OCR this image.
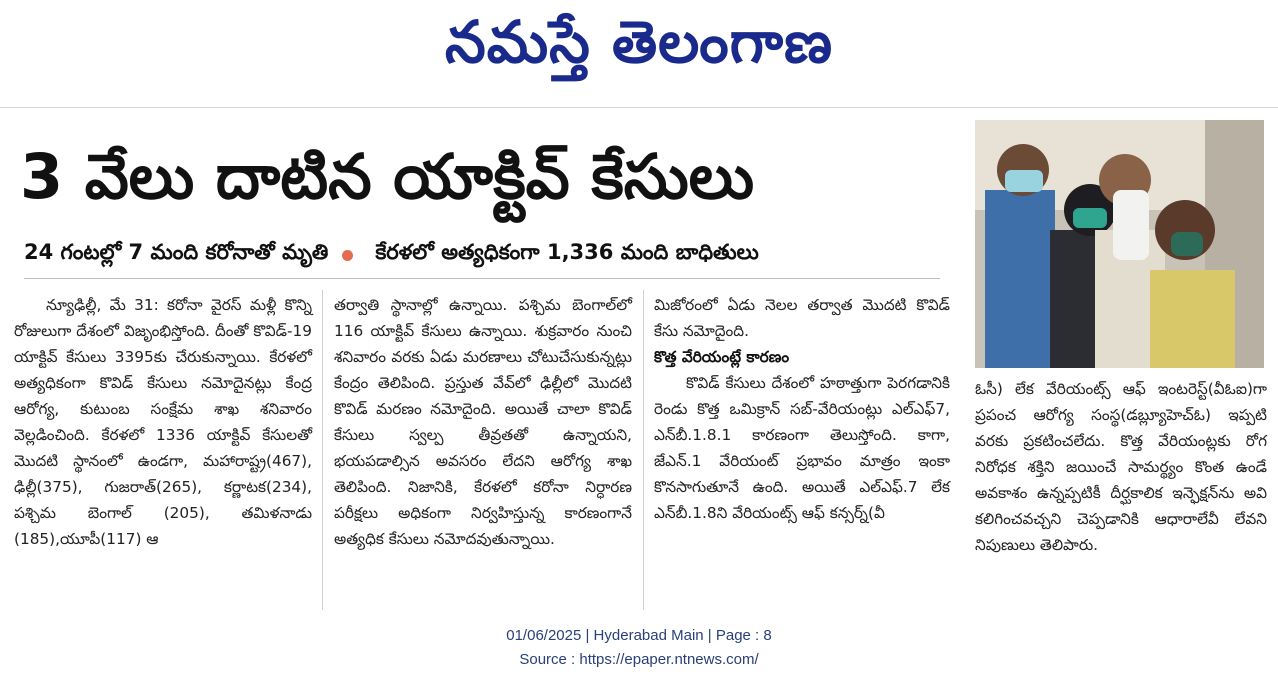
నమస్తే తెలంగాణ
3 వేలు దాటిన యాక్టివ్ కేసులు
24 గంటల్లో 7 మంది కరోనాతో మృతి కేరళలో అత్యధికంగా 1,336 మంది బాధితులు

న్యూఢిల్లీ, మే 31: కరోనా వైరస్ మళ్లీ కొన్ని రోజులుగా దేశంలో విజృంభిస్తోంది. దీంతో కొవిడ్-19 యాక్టివ్ కేసులు 3395కు చేరుకున్నాయి. కేరళలో అత్యధికంగా కొవిడ్ కేసులు నమోదైనట్లు కేంద్ర ఆరోగ్య, కుటుంబ సంక్షేమ శాఖ శనివారం వెల్లడించింది. కేరళలో 1336 యాక్టివ్ కేసులతో మొదటి స్థానంలో ఉండగా, మహారాష్ట్ర(467), ఢిల్లీ(375), గుజరాత్(265), కర్ణాటక(234), పశ్చిమ బెంగాల్ (205), తమిళనాడు (185),యూపీ(117) ఆ

తర్వాతి స్థానాల్లో ఉన్నాయి. పశ్చిమ బెంగాల్‌లో 116 యాక్టివ్ కేసులు ఉన్నాయి. శుక్రవారం నుంచి శనివారం వరకు ఏడు మరణాలు చోటుచేసుకున్నట్లు కేంద్రం తెలిపింది. ప్రస్తుత వేవ్‌లో ఢిల్లీలో మొదటి కొవిడ్ మరణం నమోదైంది. అయితే చాలా కొవిడ్ కేసులు స్వల్ప తీవ్రతతో ఉన్నాయని, భయపడాల్సిన అవసరం లేదని ఆరోగ్య శాఖ తెలిపింది. నిజానికి, కేరళలో కరోనా నిర్ధారణ పరీక్షలు అధికంగా నిర్వహిస్తున్న కారణంగానే అత్యధిక కేసులు నమోదవుతున్నాయి.

మిజోరంలో ఏడు నెలల తర్వాత మొదటి కొవిడ్ కేసు నమోదైంది.

కొత్త వేరియంట్లే కారణం

కొవిడ్ కేసులు దేశంలో హఠాత్తుగా పెరగడానికి రెండు కొత్త ఒమిక్రాన్ సబ్-వేరియంట్లు ఎల్ఎఫ్7, ఎన్‌బీ.1.8.1 కారణంగా తెలుస్తోంది. కాగా, జేఎన్.1 వేరియంట్ ప్రభావం మాత్రం ఇంకా కొనసాగుతూనే ఉంది. అయితే ఎల్ఎఫ్.7 లేక ఎన్‌బీ.1.8ని వేరియంట్స్ ఆఫ్ కన్సర్న్(వీ

ఓసీ) లేక వేరియంట్స్ ఆఫ్ ఇంటరెస్ట్(వీఓఐ)గా ప్రపంచ ఆరోగ్య సంస్థ(డబ్ల్యూహెచ్ఓ) ఇప్పటి వరకు ప్రకటించలేదు. కొత్త వేరియంట్లకు రోగ నిరోధక శక్తిని జయించే సామర్థ్యం కొంత ఉండే అవకాశం ఉన్నప్పటికీ దీర్ఘకాలిక ఇన్ఫెక్షన్‌ను అవి కలిగించవచ్చని చెప్పడానికి ఆధారాలేవీ లేవని నిపుణులు తెలిపారు.

01/06/2025 | Hyderabad Main | Page : 8
Source : https://epaper.ntnews.com/
